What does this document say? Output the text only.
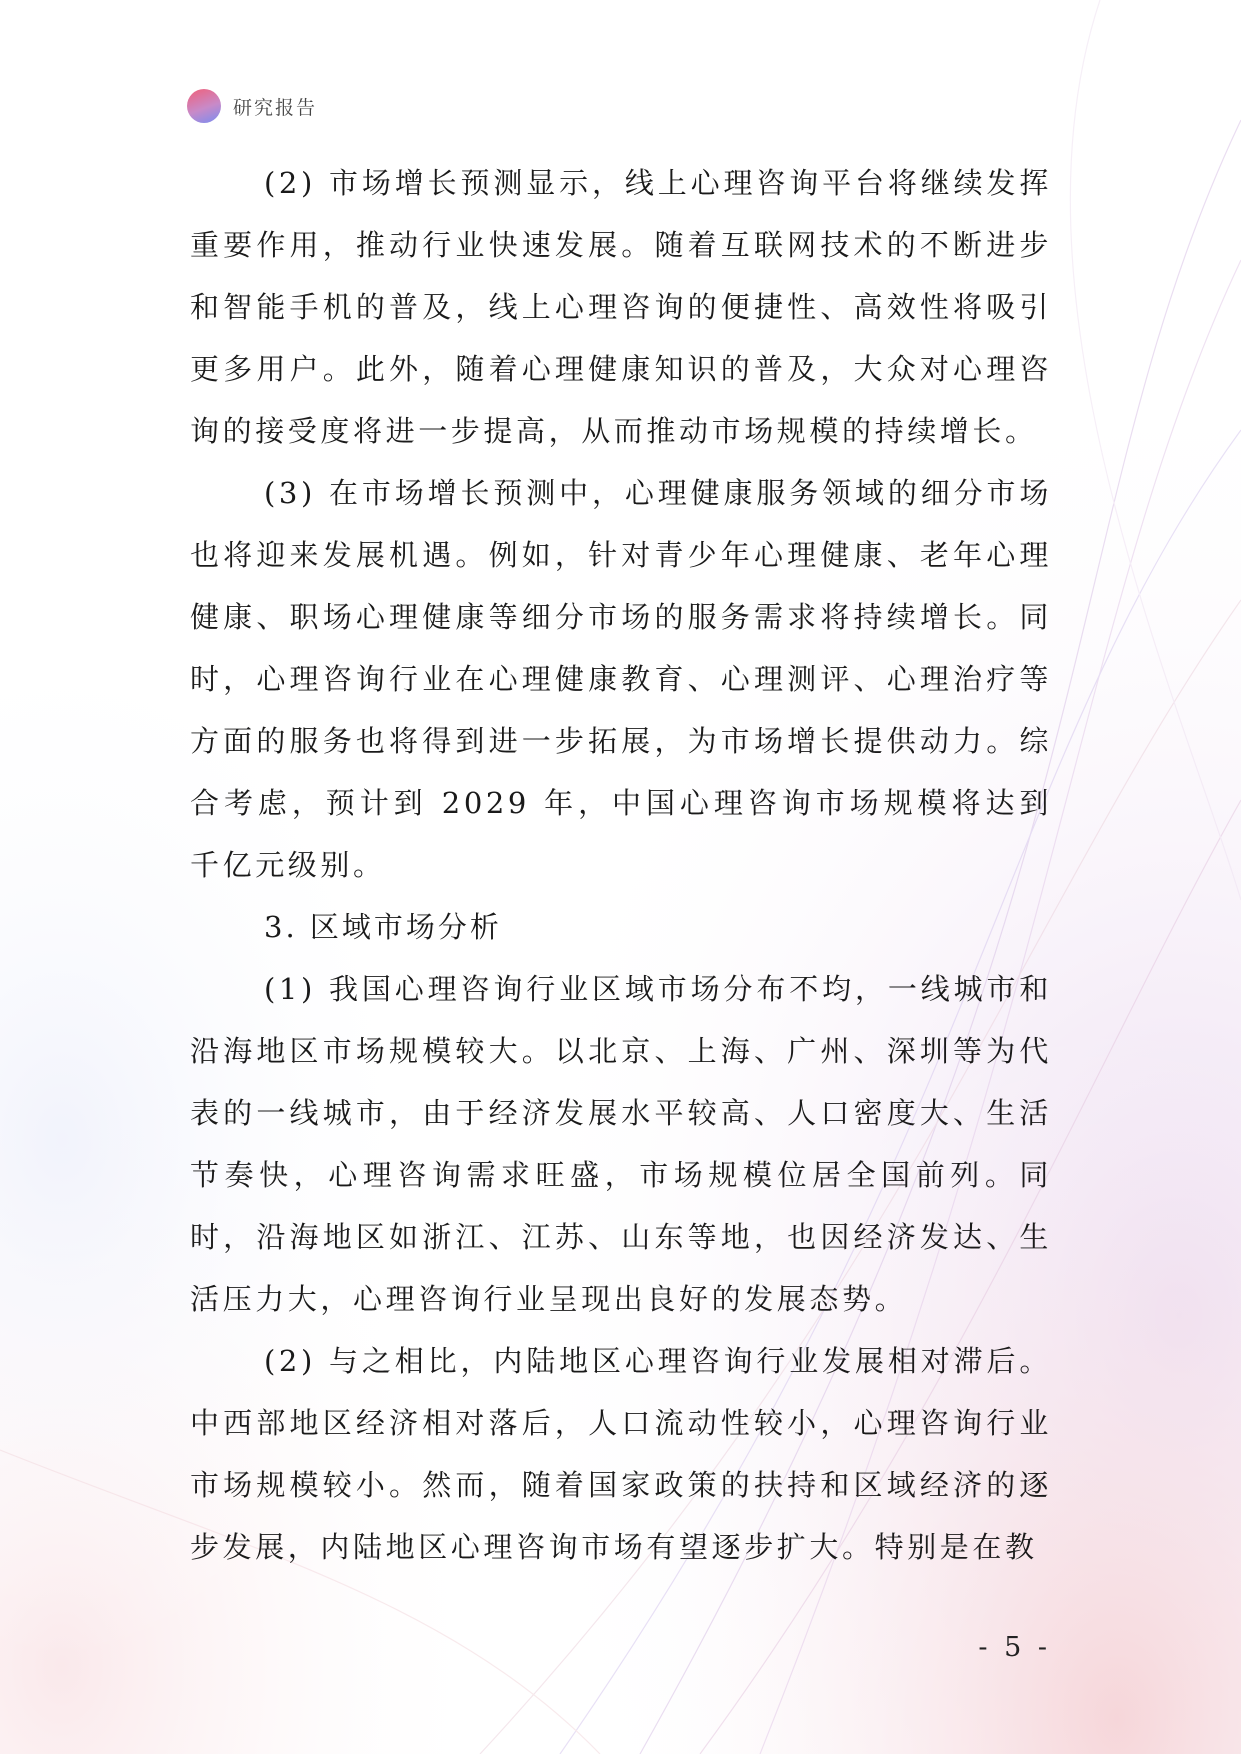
研究报告

(2) 市场增长预测显示，线上心理咨询平台将继续发挥重要作用，推动行业快速发展。随着互联网技术的不断进步和智能手机的普及，线上心理咨询的便捷性、高效性将吸引更多用户。此外，随着心理健康知识的普及，大众对心理咨询的接受度将进一步提高，从而推动市场规模的持续增长。

(3) 在市场增长预测中，心理健康服务领域的细分市场也将迎来发展机遇。例如，针对青少年心理健康、老年心理健康、职场心理健康等细分市场的服务需求将持续增长。同时，心理咨询行业在心理健康教育、心理测评、心理治疗等方面的服务也将得到进一步拓展，为市场增长提供动力。综合考虑，预计到 2029 年，中国心理咨询市场规模将达到千亿元级别。

3. 区域市场分析

(1) 我国心理咨询行业区域市场分布不均，一线城市和沿海地区市场规模较大。以北京、上海、广州、深圳等为代表的一线城市，由于经济发展水平较高、人口密度大、生活节奏快，心理咨询需求旺盛，市场规模位居全国前列。同时，沿海地区如浙江、江苏、山东等地，也因经济发达、生活压力大，心理咨询行业呈现出良好的发展态势。

(2) 与之相比，内陆地区心理咨询行业发展相对滞后。中西部地区经济相对落后，人口流动性较小，心理咨询行业市场规模较小。然而，随着国家政策的扶持和区域经济的逐步发展，内陆地区心理咨询市场有望逐步扩大。特别是在教

- 5 -
